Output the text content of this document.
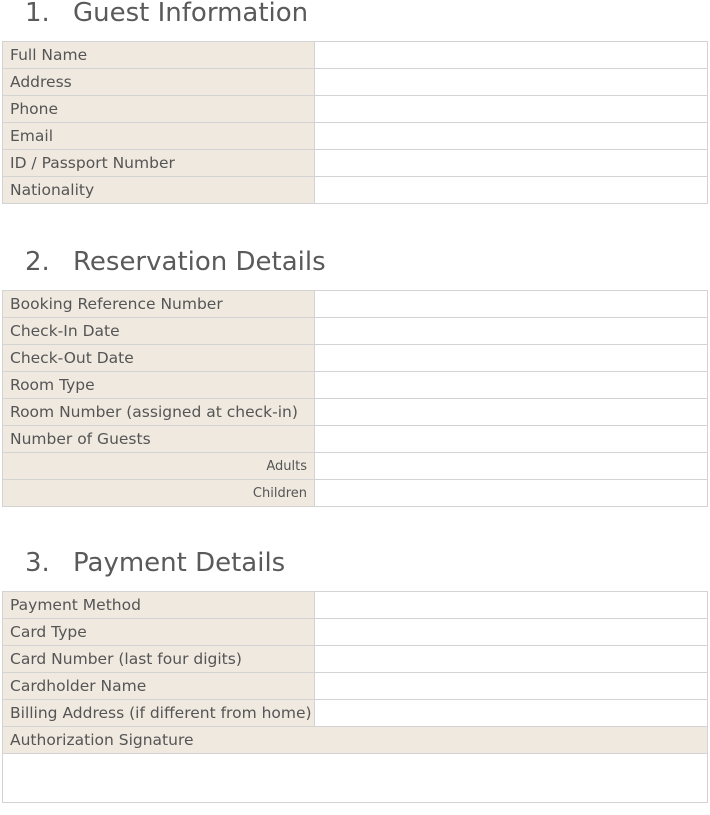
1. Guest Information
Full Name	
Address	
Phone	
Email	
ID / Passport Number	
Nationality	
2. Reservation Details
Booking Reference Number	
Check-In Date	
Check-Out Date	
Room Type	
Room Number (assigned at check-in)	
Number of Guests	
Adults	
Children	
3. Payment Details
Payment Method	
Card Type	
Card Number (last four digits)	
Cardholder Name	
Billing Address (if different from home)	
Authorization Signature	
